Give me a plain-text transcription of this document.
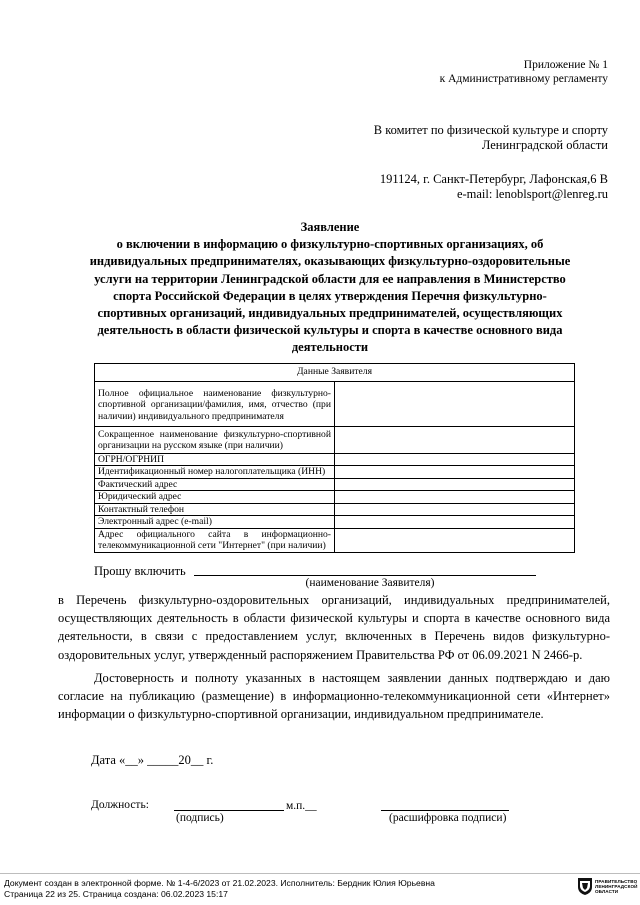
Приложение № 1
к Административному регламенту
В комитет по физической культуре и спорту
Ленинградской области
191124, г. Санкт-Петербург, Лафонская,6 В
e-mail: lenoblsport@lenreg.ru
Заявление
о включении в информацию о физкультурно-спортивных организациях, об
индивидуальных предпринимателях, оказывающих физкультурно-оздоровительные
услуги на территории Ленинградской области для ее направления в Министерство
спорта Российской Федерации в целях утверждения Перечня физкультурно-
спортивных организаций, индивидуальных предпринимателей, осуществляющих
деятельность в области физической культуры и спорта в качестве основного вида
деятельности
Данные Заявителя	
Полное официальное наименование физкультурно-спортивной организации/фамилия, имя, отчество (при наличии) индивидуального предпринимателя	
Сокращенное наименование физкультурно-спортивной организации на русском языке (при наличии)	
ОГРН/ОГРНИП	
Идентификационный номер налогоплательщика (ИНН)	
Фактический адрес	
Юридический адрес	
Контактный телефон	
Электронный адрес (e-mail)	
Адрес официального сайта в информационно-телекоммуникационной сети "Интернет" (при наличии)	
Прошу включить
(наименование Заявителя)
в Перечень физкультурно-оздоровительных организаций, индивидуальных предпринимателей, осуществляющих деятельность в области физической культуры и спорта в качестве основного вида деятельности, в связи с предоставлением услуг, включенных в Перечень видов физкультурно-оздоровительных услуг, утвержденный распоряжением Правительства РФ от 06.09.2021 N 2466-р.
Достоверность и полноту указанных в настоящем заявлении данных подтверждаю и даю согласие на публикацию (размещение) в информационно-телекоммуникационной сети «Интернет» информации о физкультурно-спортивной организации, индивидуальном предпринимателе.
Дата «__» _____20__ г.
Должность:	м.п.__
(подпись)	(расшифровка подписи)
Документ создан в электронной форме. № 1-4-6/2023 от 21.02.2023. Исполнитель: Бердник Юлия Юрьевна
Страница 22 из 25. Страница создана: 06.02.2023 15:17
ПРАВИТЕЛЬСТВО
ЛЕНИНГРАДСКОЙ
ОБЛАСТИ
